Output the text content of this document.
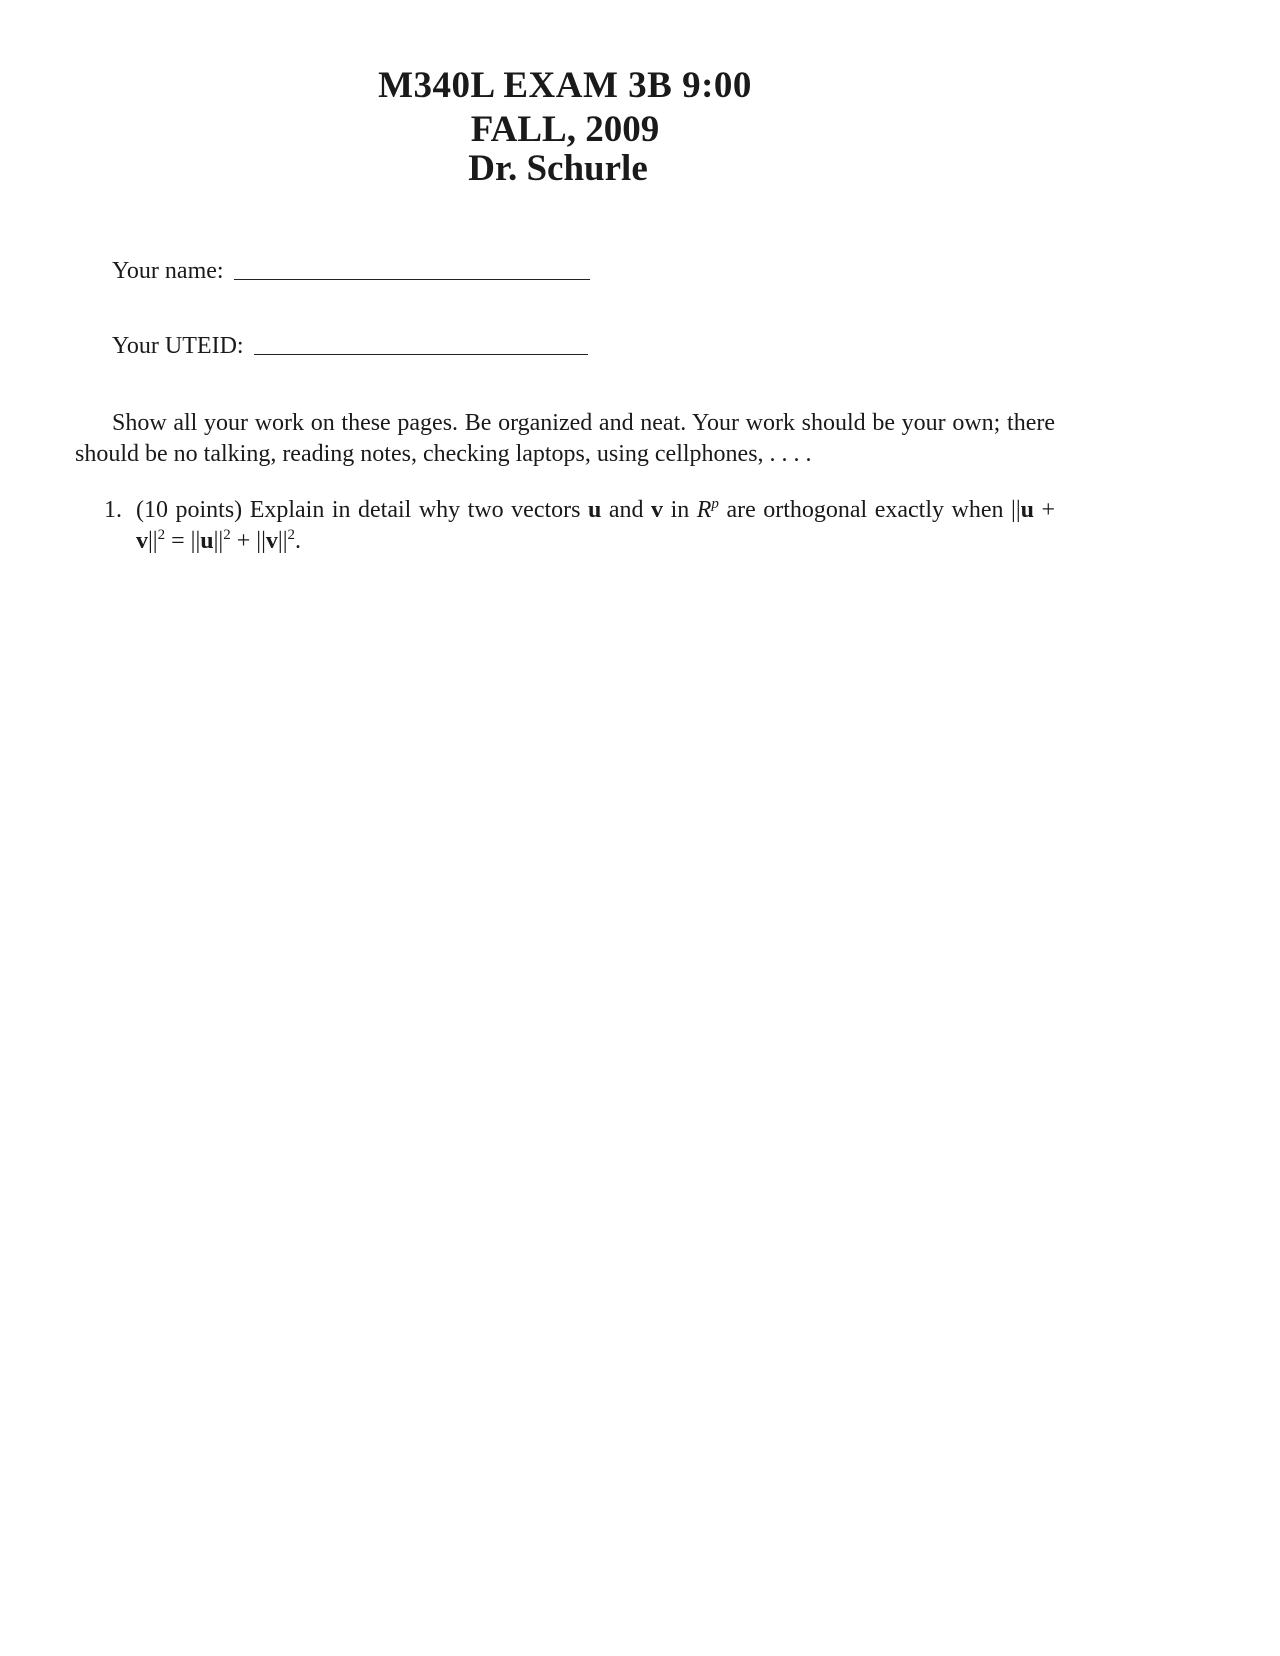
M340L EXAM 3B 9:00
FALL, 2009
Dr. Schurle
Your name:
Your UTEID:
Show all your work on these pages. Be organized and neat. Your work should be your own; there should be no talking, reading notes, checking laptops, using cellphones, . . . .
1. (10 points) Explain in detail why two vectors u and v in $R^p$ are orthogonal exactly when $||u + v||^2 = ||u||^2 + ||v||^2$.
